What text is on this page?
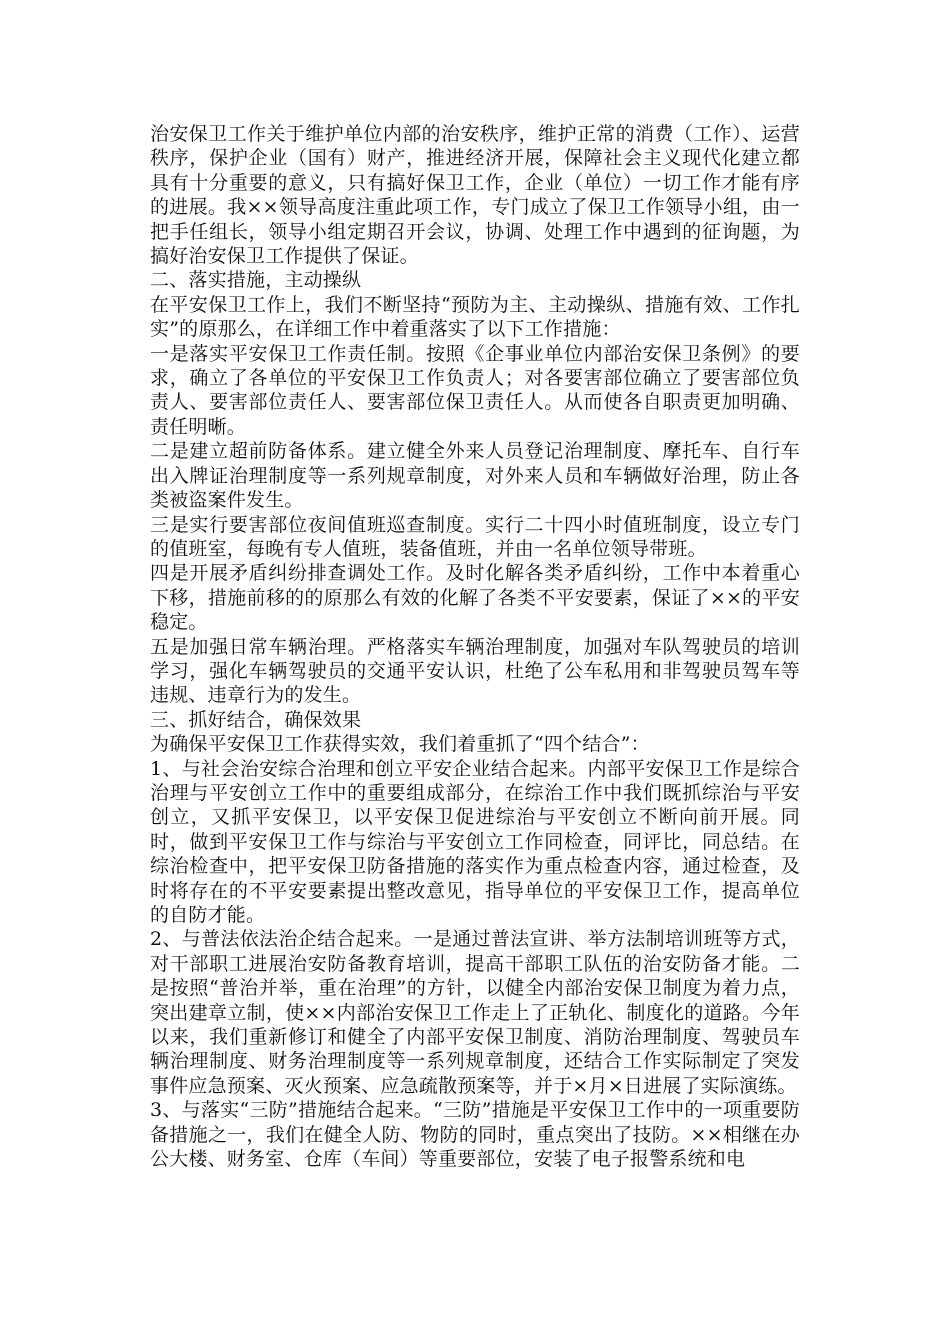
治安保卫工作关于维护单位内部的治安秩序，维护正常的消费（工作）、运营秩序，保护企业（国有）财产，推进经济开展，保障社会主义现代化建立都具有十分重要的意义，只有搞好保卫工作，企业（单位）一切工作才能有序的进展。我××领导高度注重此项工作，专门成立了保卫工作领导小组，由一把手任组长，领导小组定期召开会议，协调、处理工作中遇到的征询题，为搞好治安保卫工作提供了保证。

二、落实措施，主动操纵

在平安保卫工作上，我们不断坚持“预防为主、主动操纵、措施有效、工作扎实”的原那么，在详细工作中着重落实了以下工作措施：

一是落实平安保卫工作责任制。按照《企事业单位内部治安保卫条例》的要求，确立了各单位的平安保卫工作负责人；对各要害部位确立了要害部位负责人、要害部位责任人、要害部位保卫责任人。从而使各自职责更加明确、责任明晰。

二是建立超前防备体系。建立健全外来人员登记治理制度、摩托车、自行车出入牌证治理制度等一系列规章制度，对外来人员和车辆做好治理，防止各类被盗案件发生。

三是实行要害部位夜间值班巡查制度。实行二十四小时值班制度，设立专门的值班室，每晚有专人值班，装备值班，并由一名单位领导带班。

四是开展矛盾纠纷排查调处工作。及时化解各类矛盾纠纷，工作中本着重心下移，措施前移的的原那么有效的化解了各类不平安要素，保证了××的平安稳定。

五是加强日常车辆治理。严格落实车辆治理制度，加强对车队驾驶员的培训学习，强化车辆驾驶员的交通平安认识，杜绝了公车私用和非驾驶员驾车等违规、违章行为的发生。

三、抓好结合，确保效果

为确保平安保卫工作获得实效，我们着重抓了“四个结合”：

1、与社会治安综合治理和创立平安企业结合起来。内部平安保卫工作是综合治理与平安创立工作中的重要组成部分，在综治工作中我们既抓综治与平安创立，又抓平安保卫，以平安保卫促进综治与平安创立不断向前开展。同时，做到平安保卫工作与综治与平安创立工作同检查，同评比，同总结。在综治检查中，把平安保卫防备措施的落实作为重点检查内容，通过检查，及时将存在的不平安要素提出整改意见，指导单位的平安保卫工作，提高单位的自防才能。

2、与普法依法治企结合起来。一是通过普法宣讲、举方法制培训班等方式，对干部职工进展治安防备教育培训，提高干部职工队伍的治安防备才能。二是按照“普治并举，重在治理”的方针，以健全内部治安保卫制度为着力点，突出建章立制，使××内部治安保卫工作走上了正轨化、制度化的道路。今年以来，我们重新修订和健全了内部平安保卫制度、消防治理制度、驾驶员车辆治理制度、财务治理制度等一系列规章制度，还结合工作实际制定了突发事件应急预案、灭火预案、应急疏散预案等，并于×月×日进展了实际演练。

3、与落实“三防”措施结合起来。“三防”措施是平安保卫工作中的一项重要防备措施之一，我们在健全人防、物防的同时，重点突出了技防。××相继在办公大楼、财务室、仓库（车间）等重要部位，安装了电子报警系统和电
